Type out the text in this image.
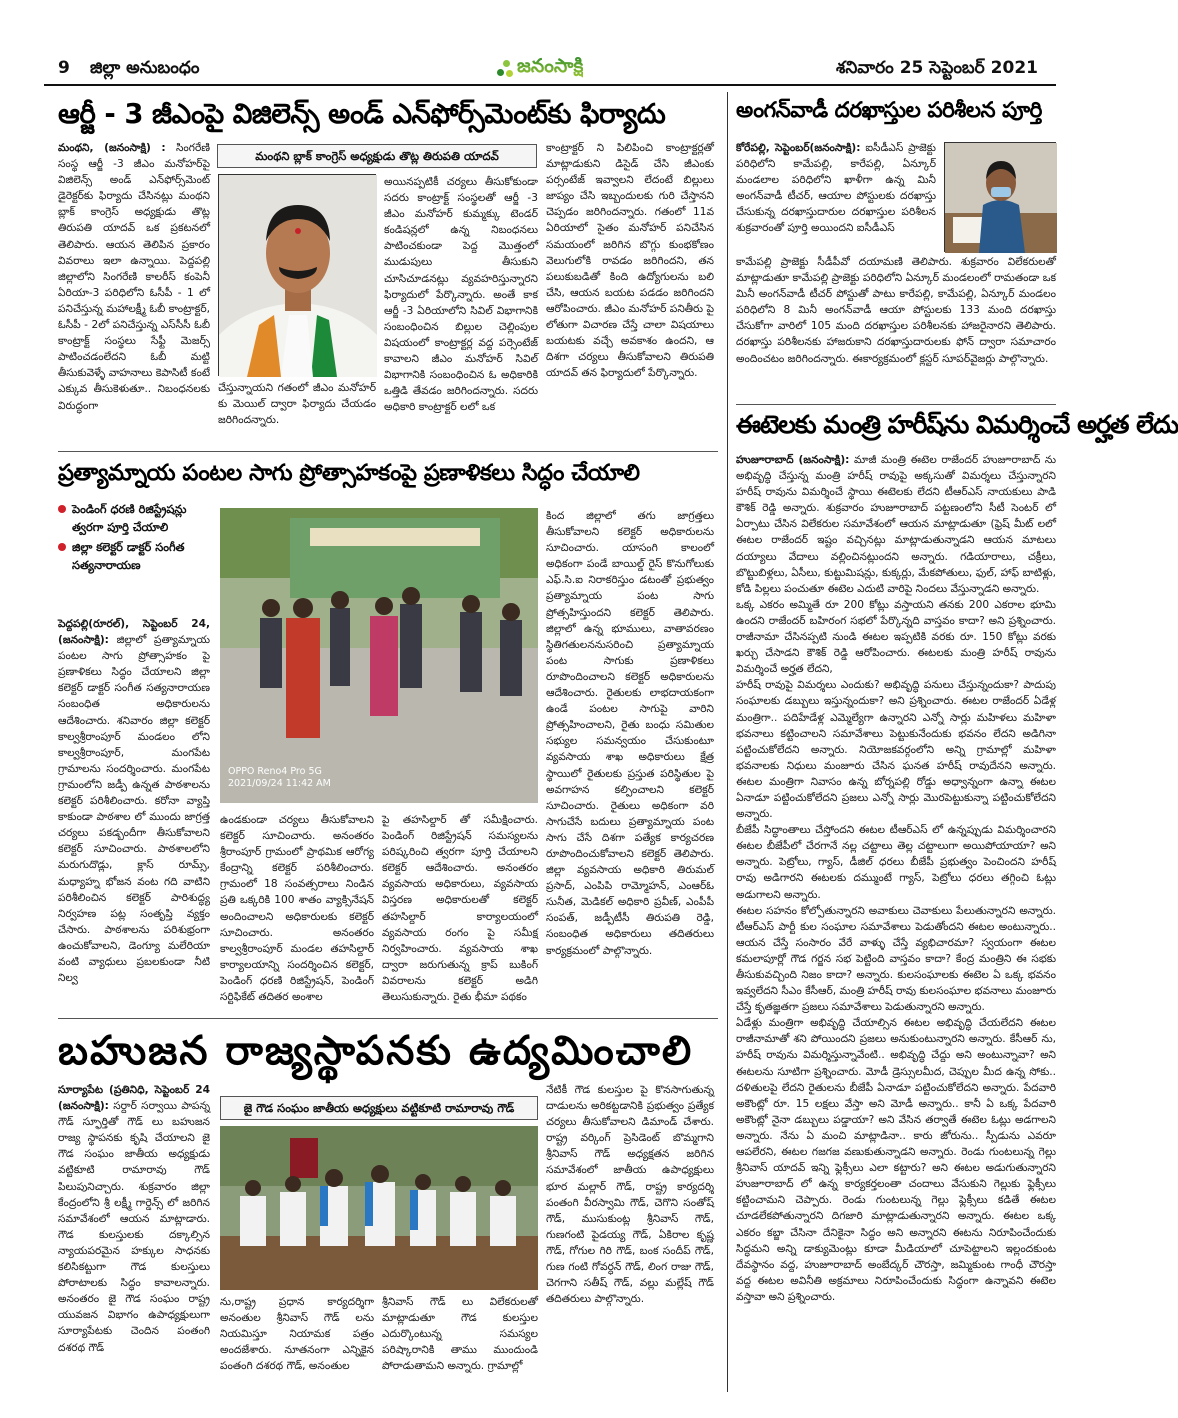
9 జిల్లా అనుబంధం	జనంసాక్షి	శనివారం 25 సెప్టెంబర్ 2021
ఆర్జీ - 3 జీఎంపై విజిలెన్స్ అండ్ ఎన్‌ఫోర్స్‌మెంట్‌కు ఫిర్యాదు
మంథని, (జనంసాక్షి) : సింగరేణి సంస్థ ఆర్జీ -3 జీఎం మనోహర్‌పై విజిలెన్స్ అండ్ ఎన్‌ఫోర్స్‌మెంట్ డైరెక్టర్‌కు ఫిర్యాదు చేసినట్లు మంథని బ్లాక్ కాంగ్రెస్ అధ్యక్షుడు తొట్ల తిరుపతి యాదవ్ ఒక ప్రకటనలో తెలిపారు. ఆయన తెలిపిన ప్రకారం వివరాలు ఇలా ఉన్నాయి. పెద్దపల్లి జిల్లాలోని సింగరేణి కాలరీస్ కంపెనీ ఏరియా-3 పరిధిలోని ఓసీపీ - 1 లో పనిచేస్తున్న మహాలక్ష్మీ ఓబీ కాంట్రాక్టర్, ఓసీపీ - 2లో పనిచేస్తున్న ఎస్‌సీసీ ఓబీ కాంట్రాక్ట్ సంస్థలు సేఫ్టీ మెజర్స్ పాటించడంలేదని ఓబీ మట్టి తీసుకువెళ్ళే వాహనాలు కెపాసిటీ కంటే ఎక్కువ తీసుకెళుతూ.. నిబంధనలకు విరుద్ధంగా
మంథని బ్లాక్ కాంగ్రెస్ అధ్యక్షుడు తొట్ల తిరుపతి యాదవ్
చేస్తున్నాయని గతంలో జీఎం మనోహర్ కు మెయిల్ ద్వారా ఫిర్యాదు చేయడం జరిగిందన్నారు.
అయినప్పటికీ చర్యలు తీసుకోకుండా సదరు కాంట్రాక్ట్ సంస్థలతో ఆర్జీ -3 జీఎం మనోహర్ కుమ్మక్కు టెండర్ కండిషన్లలో ఉన్న నిబంధనలు పాటించకుండా పెద్ద మొత్తంలో ముడుపులు తీసుకుని చూసిచూడనట్లు వ్యవహరిస్తున్నారని ఫిర్యాదులో పేర్కొన్నారు. అంతే కాక ఆర్జీ -3 ఏరియాలోని సివిల్ విభాగానికి సంబంధించిన బిల్లుల చెల్లింపుల విషయంలో కాంట్రాక్టర్ల వద్ద పర్సెంటేజ్ కావాలని జీఎం మనోహర్ సివిల్ విభాగానికి సంబంధించిన ఓ అధికారికి ఒత్తిడి తేవడం జరిగిందన్నారు. సదరు అధికారి కాంట్రాక్టర్ లలో ఒక
కాంట్రాక్టర్ ని పిలిపించి కాంట్రాక్టర్లతో మాట్లాడుకుని డిసైడ్ చేసి జీఎంకు పర్సంటేజ్ ఇవ్వాలని లేదంటే బిల్లులు జాప్యం చేసి ఇబ్బందులకు గురి చేస్తానని చెప్పడం జరిగిందన్నారు. గతంలో 11వ ఏరియాలో సైతం మనోహర్ పనిచేసిన సమయంలో జరిగిన బొగ్గు కుంభకోణం వెలుగులోకి రావడం జరిగిందని, తన పలుకుబడితో కింది ఉద్యోగులను బలి చేసి, ఆయన బయట పడడం జరిగిందని ఆరోపించారు. జీఎం మనోహర్ పనితీరు పై లోతుగా విచారణ చేస్తే చాలా విషయాలు బయటకు వచ్చే అవకాశం ఉందని, ఆ దిశగా చర్యలు తీసుకోవాలని తిరుపతి యాదవ్ తన ఫిర్యాదులో పేర్కొన్నారు.
ప్రత్యామ్నాయ పంటల సాగు ప్రోత్సాహకంపై ప్రణాళికలు సిద్ధం చేయాలి
పెండింగ్ ధరణి రిజిస్ట్రేషన్లు త్వరగా పూర్తి చేయాలి
జిల్లా కలెక్టర్ డాక్టర్ సంగీత సత్యనారాయణ
పెద్దపల్లి(రూరల్), సెప్టెంబర్ 24, (జనంసాక్షి): జిల్లాలో ప్రత్యామ్నాయ పంటల సాగు ప్రోత్సాహకం పై ప్రణాళికలు సిద్ధం చేయాలని జిల్లా కలెక్టర్ డాక్టర్ సంగీత సత్యనారాయణ సంబంధిత అధికారులను ఆదేశించారు. శనివారం జిల్లా కలెక్టర్ కాల్వశ్రీరాంపూర్ మండలం లోని కాల్వశ్రీరాంపూర్, మంగపేట గ్రామాలను సందర్శించారు. మంగపేట గ్రామంలోని జడ్పీ ఉన్నత పాఠశాలను కలెక్టర్ పరిశీలించారు. కరోనా వ్యాప్తి కాకుండా పాఠశాల లో ముందు జాగ్రత్త చర్యలు పకడ్బందీగా తీసుకోవాలని కలెక్టర్ సూచించారు. పాఠశాలలోని మరుగుదొడ్లు, క్లాస్ రూమ్స్, మధ్యాహ్న భోజన వంట గది వాటిని పరిశీలించిన కలెక్టర్ పారిశుద్ధ్య నిర్వహణ పట్ల సంతృప్తి వ్యక్తం చేసారు. పాఠశాలను పరిశుభ్రంగా ఉంచుకోవాలని, డెంగ్యూ మలేరియా వంటి వ్యాధులు ప్రబలకుండా నీటి నిల్వ
OPPO Reno4 Pro 5G
2021/09/24 11:42 AM
ఉండకుండా చర్యలు తీసుకోవాలని కలెక్టర్ సూచించారు. అనంతరం శ్రీరాంపూర్ గ్రామంలో ప్రాథమిక ఆరోగ్య కేంద్రాన్ని కలెక్టర్ పరిశీలించారు. గ్రామంలో 18 సంవత్సరాలు నిండిన ప్రతి ఒక్కరికి 100 శాతం వ్యాక్సినేషన్ అందించాలని అధికారులకు కలెక్టర్ సూచించారు. అనంతరం కాల్వశ్రీరాంపూర్ మండల తహసిల్దార్ కార్యాలయాన్ని సందర్శించిన కలెక్టర్, పెండింగ్ ధరణి రిజిస్ట్రేషన్, పెండింగ్ సర్టిఫికేట్ తదితర అంశాల
పై తహసిల్దార్ తో సమీక్షించారు. పెండింగ్ రిజిస్ట్రేషన్ సమస్యలను పరిష్కరించి త్వరగా పూర్తి చేయాలని కలెక్టర్ ఆదేశించారు. అనంతరం వ్యవసాయ అధికారులు, వ్యవసాయ విస్తరణ అధికారులతో కలెక్టర్ తహసిల్దార్ కార్యాలయంలో వ్యవసాయ రంగం పై సమీక్ష నిర్వహించారు. వ్యవసాయ శాఖ ద్వారా జరుగుతున్న క్రాప్ బుకింగ్ వివరాలను కలెక్టర్ అడిగి తెలుసుకున్నారు. రైతు భీమా పథకం
కింద జిల్లాలో తగు జాగ్రత్తలు తీసుకోవాలని కలెక్టర్ అధికారులను సూచించారు. యాసంగి కాలంలో అధికంగా పండే బాయిల్డ్ రైస్ కొనుగోలుకు ఎఫ్.సి.ఐ నిరాకరిస్తుం డటంతో ప్రభుత్వం ప్రత్యామ్నాయ పంట సాగు ప్రోత్సహిస్తుందని కలెక్టర్ తెలిపారు. జిల్లాలో ఉన్న భూములు, వాతావరణం స్థితిగతులననుసరించి ప్రత్యామ్నాయ పంట సాగుకు ప్రణాళికలు రూపొందించాలని కలెక్టర్ అధికారులను ఆదేశించారు. రైతులకు లాభదాయకంగా ఉండే పంటల సాగుపై వారిని ప్రోత్సహించాలని, రైతు బంధు సమితుల సభ్యుల సమన్వయం చేసుకుంటూ వ్యవసాయ శాఖ అధికారులు క్షేత్ర స్థాయిలో రైతులకు ప్రస్తుత పరిస్థితుల పై అవగాహన కల్పించాలని కలెక్టర్ సూచించారు. రైతులు అధికంగా వరి సాగుచేసే బదులు ప్రత్యామ్నాయ పంట సాగు చేసే దిశగా పత్యేక కార్యచరణ రూపొందించుకోవాలని కలెక్టర్ తెలిపారు. జిల్లా వ్యవసాయ అధికారి తిరుమల్ ప్రసాద్, ఎంపిపి రామ్మోహన్, ఎంఆర్ఓ సునీత, మెడికల్ అధికారి ప్రవీణ్, ఎంపీపీ సంపత్, జడ్పీటీసీ తిరుపతి రెడ్డి, సంబంధిత అధికారులు తదితరులు కార్యక్రమంలో పాల్గొన్నారు.
బహుజన రాజ్యస్థాపనకు ఉద్యమించాలి
సూర్యాపేట (ప్రతినిధి, సెప్టెంబర్ 24 (జనంసాక్షి): సర్దార్ సర్వాయి పాపన్న గౌడ్ స్ఫూర్తితో గౌడ్ లు బహుజన రాజ్య స్థాపనకు కృషి చేయాలని జై గౌడ సంఘం జాతీయ అధ్యక్షుడు వట్టికూటి రామారావు గౌడ్ పిలుపునిచ్చారు. శుక్రవారం జిల్లా కేంద్రంలోని శ్రీ లక్ష్మీ గార్డెన్స్ లో జరిగిన సమావేశంలో ఆయన మాట్లాడారు. గౌడ కులస్తులకు దక్కాల్సిన న్యాయపరమైన హక్కుల సాధనకు కలిసికట్టుగా గౌడ కులస్తులు పోరాటాలకు సిద్ధం కావాలన్నారు. అనంతరం జై గౌడ సంఘం రాష్ట్ర యువజన విభాగం ఉపాధ్యక్షులుగా సూర్యాపేటకు చెందిన పంతంగి దశరథ గౌడ్
జై గౌడ సంఘం జాతీయ అధ్యక్షులు వట్టికూటి రామారావు గౌడ్
ను,రాష్ట్ర ప్రధాన కార్యదర్శిగా అనంతుల శ్రీనివాస్ గౌడ్ లను నియమిస్తూ నియామక పత్రం అందజేశారు. నూతనంగా ఎన్నికైన పంతంగి దశరథ గౌడ్, అనంతుల
శ్రీనివాస్ గౌడ్ లు విలేకరులతో మాట్లాడుతూ గౌడ కులస్తుల ఎదుర్కొంటున్న సమస్యల పరిష్కారానికి తాము ముందుండి పోరాడుతామని అన్నారు. గ్రామాల్లో
నేటికీ గౌడ కులస్తుల పై కొనసాగుతున్న దాడులను అరికట్టడానికి ప్రభుత్వం ప్రత్యేక చర్యలు తీసుకోవాలని డిమాండ్ చేశారు. రాష్ట్ర వర్కింగ్ ప్రెసిడెంట్ బొమ్మగాని శ్రీనివాస్ గౌడ్ అధ్యక్షతన జరిగిన సమావేశంలో జాతీయ ఉపాధ్యక్షులు భూర మల్లార్ గౌడ్, రాష్ట్ర కార్యదర్శి పంతంగి వీరస్వామి గౌడ్, చెగొని సంతోష్ గౌడ్, ముసుకుంట్ల శ్రీనివాస్ గౌడ్, గుణగంటి పైడయ్య గౌడ్, ఏకిరాల కృష్ణ గౌడ్, గోగుల గిరి గౌడ్, బంక సందీప్ గౌడ్, గుణ గంటి గోవర్ధన్ గౌడ్, లింగ రాజు గౌడ్, చెగగాని సతీష్ గౌడ్, వల్లు మల్లేష్ గౌడ్ తదితరులు పాల్గొన్నారు.
అంగన్‌వాడీ దరఖాస్తుల పరిశీలన పూర్తి
కోరేపల్లి, సెప్టెంబర్(జనంసాక్షి): ఐసీడీఎస్ ప్రాజెక్టు పరిధిలోని కామేపల్లి, కారేపల్లి, ఏన్కూర్ మండలాల పరిధిలోని ఖాళీగా ఉన్న మినీ అంగన్‌వాడీ టీచర్, ఆయాల పోస్టులకు దరఖాస్తు చేసుకున్న దరఖాస్తుదారుల దరఖాస్తుల పరిశీలన శుక్రవారంతో పూర్తి అయిందని ఐసీడీఎస్
కామేపల్లి ప్రాజెక్టు సీడీపీవో దయామణి తెలిపారు. శుక్రవారం విలేకరులతో మాట్లాడుతూ కామేపల్లి ప్రాజెక్టు పరిధిలోని ఏన్కూర్ మండలంలో రామతండా ఒక మినీ అంగన్‌వాడీ టీచర్ పోస్టుతో పాటు కారేపల్లి, కామేపల్లి, ఏన్కూర్ మండలం పరిధిలోని 8 మినీ అంగన్‌వాడీ ఆయా పోస్టులకు 133 మంది దరఖాస్తు చేసుకోగా వారిలో 105 మంది దరఖాస్తుల పరిశీలనకు హాజరైనారని తెలిపారు. దరఖాస్తు పరిశీలనకు హాజరుకాని దరఖాస్తుదారులకు ఫోన్ ద్వారా సమాచారం అందించటం జరిగిందన్నారు. ఈకార్యక్రమంలో క్లస్టర్ సూపర్‌వైజర్లు పాల్గొన్నారు.
ఈటెలకు మంత్రి హరీష్‌ను విమర్శించే అర్హత లేదు
హుజూరాబాద్ (జనంసాక్షి): మాజీ మంత్రి ఈటెల రాజేందర్ హుజూరాబాద్ ను అభివృద్ధి చేస్తున్న మంత్రి హరీష్ రావుపై అక్కసుతో విమర్శలు చేస్తున్నారని హరీష్ రావును విమర్శించే స్థాయి ఈటెలకు లేదని టీఆర్ఎస్ నాయకులు పాడి కౌశిక్ రెడ్డి అన్నారు. శుక్రవారం హుజూరాబాద్ పట్టణంలోని సీటీ సెంటర్ లో ఏర్పాటు చేసిన విలేకరుల సమావేశంలో ఆయన మాట్లాడుతూ (ఫ్రెష్ మీట్ లలో ఈటల రాజేందర్ ఇష్టం వచ్చినట్లు మాట్లాడుతున్నాడని ఆయన మాటలు దయ్యాలు వేదాలు వల్లించినట్లుందని అన్నారు. గడియారాలు, చక్రీలు, బొట్టుబిళ్లలు, ఏసీలు, కుట్టుమిషన్లు, కుక్కర్లు, మేకపోతులు, ఫుల్, హాఫ్ బాటిళ్లు, కోడి పిల్లలు పంచుతూ ఈటెల ఎదుటి వారిపై నిందలు వేస్తున్నాడని అన్నారు.
ఒక్క ఎకరం అమ్మితే రూ 200 కోట్లు వస్తాయని తనకు 200 ఎకరాల భూమి ఉందని రాజేందర్ బహిరంగ సభలో పేర్కొన్నది వాస్తవం కాదా? అని ప్రశ్నించారు. రాజీనామా చేసినప్పటి నుండి ఈటల ఇప్పటికి వరకు రూ. 150 కోట్లు వరకు ఖర్చు చేసాడని కౌశిక్ రెడ్డి ఆరోపించారు. ఈటలకు మంత్రి హరీష్ రావును విమర్శించే అర్హత లేదని,
హరీష్ రావుపై విమర్శలు ఎందుకు? అభివృద్ధి పనులు చేస్తున్నందుకా? పాదుపు సంఘాలకు డబ్బులు ఇస్తున్నందుకా? అని ప్రశ్నించారు. ఈటల రాజేందర్ ఏడేళ్ల మంత్రిగా.. పదిహేడేళ్ల ఎమ్మెల్యేగా ఉన్నారని ఎన్నో సార్లు మహిళలు మహిళా భవనాలు కట్టించాలని సమావేశాలు పెట్టుకునేందుకు భవనం లేదని అడిగినా పట్టించుకోలేదని అన్నారు. నియోజకవర్గంలోని అన్ని గ్రామాల్లో మహిళా భవనాలకు నిధులు మంజూరు చేసిన ఘనత హరీష్ రావుదేనని అన్నారు. ఈటల మంత్రిగా నివాసం ఉన్న బోర్నపల్లి రోడ్డు అధ్వాన్నంగా ఉన్నా ఈటల ఏనాడూ పట్టించుకోలేదని ప్రజలు ఎన్నో సార్లు మొరపెట్టుకున్నా పట్టించుకోలేదని అన్నారు.
బీజేపీ సిద్ధాంతాలు చేస్తోందని ఈటల టీఆర్ఎస్ లో ఉన్నప్పుడు విమర్శించారని ఈటల బీజేపీలో చేరగానే నల్ల చట్టాలు తెల్ల చట్టాలుగా అయిపోయాయా? అని అన్నారు. పెట్రోలు, గ్యాస్, డీజిల్ ధరలు బీజేపీ ప్రభుత్వం పెంచిందని హరీష్ రావు అడిగారని ఈటలకు దమ్ముంటే గ్యాస్, పెట్రోలు ధరలు తగ్గించి ఓట్లు అడుగాలని అన్నారు.
ఈటల సహనం కోల్పోతున్నారని అవాకులు చెవాకులు పేలుతున్నారని అన్నారు. టీఆర్ఎస్ పార్టీ కుల సంఘాల సమావేశాలు పెడుతోందని ఈటల అంటున్నారు.. ఆయన చేస్తే సంసారం వేరే వాళ్ళు చేస్తే వ్యభిచారమా? స్వయంగా ఈటల కమలాపూర్లో గౌడ గర్జన సభ పెట్టింది వాస్తవం కాదా? కేంద్ర మంత్రిని ఈ సభకు తీసుకువచ్చింది నిజం కాదా? అన్నారు. కులసంఘాలకు ఈటెల ఏ ఒక్క భవనం ఇవ్వలేదని సీఎం కేసీఆర్, మంత్రి హరీష్ రావు కులసంఘాల భవనాలు మంజూరు చేస్తే కృతజ్ఞతగా ప్రజలు సమావేశాలు పెడుతున్నారని అన్నారు.
ఏడేళ్లు మంత్రిగా అభివృద్ధి చేయాల్సిన ఈటల అభివృద్ధి చేయలేదని ఈటల రాజీనామాతో శని పోయిందని ప్రజలు అనుకుంటున్నారని అన్నారు. కేసీఆర్ ను, హరీష్ రావును విమర్శిస్తున్నావేంటి.. అభివృద్ధి చేద్దు అని అంటున్నావా? అని ఈటలను సూటిగా ప్రశ్నించారు. మోడీ డ్రెస్సులమీద, చెప్పుల మీద ఉన్న సోకు.. దళితులపై లేదని రైతులను బీజేపీ ఏనాడూ పట్టించుకోలేదని అన్నారు. పేదవారి అకౌంట్లో రూ. 15 లక్షలు వేస్తా అని మోడీ అన్నారు.. కానీ ఏ ఒక్క పేదవారి అకౌంట్లో నైనా డబ్బులు పడ్డాయా? అని వేసిన తర్వాతే ఈటెల ఓట్లు అడగాలని అన్నారు. నేను ఏ మంచి మాట్లాడినా.. కారు జోరును.. స్పీడును ఎవరూ ఆపలేరని, ఈటల గజగజ వణుకుతున్నాడని అన్నారు. రెండు గుంటలున్న గెల్లు శ్రీనివాస్ యాదవ్ ఇన్ని ఫ్లెక్సీలు ఎలా కట్టారు? అని ఈటల అడుగుతున్నారని హుజూరాబాద్ లో ఉన్న కార్యకర్తలంతా చందాలు వేసుకుని గెల్లుకు ఫ్లెక్సీలు కట్టించామని చెప్పారు. రెండు గుంటలున్న గెల్లు ఫ్లెక్సీలు కడితే ఈటల చూడలేకపోతున్నారని దిగజారి మాట్లాడుతున్నారని అన్నారు. ఈటల ఒక్క ఎకరం కబ్జా చేసినా దేనికైనా సిద్ధం అని అన్నారని ఈటను నిరూపించేందుకు సిద్ధమని అన్ని డాక్యుమెంట్లు కూడా మీడియాలో చూపెట్టాలని ఇల్లందకుంట దేవస్థానం వద్ద, హుజూరాబాద్ అంబేద్కర్ చౌరస్తా, జమ్మికుంట గాంధీ చౌరస్తా వద్ద ఈటల అవినీతి అక్రమాలు నిరూపించేందుకు సిద్ధంగా ఉన్నావని ఈటెల వస్తావా అని ప్రశ్నించారు.
